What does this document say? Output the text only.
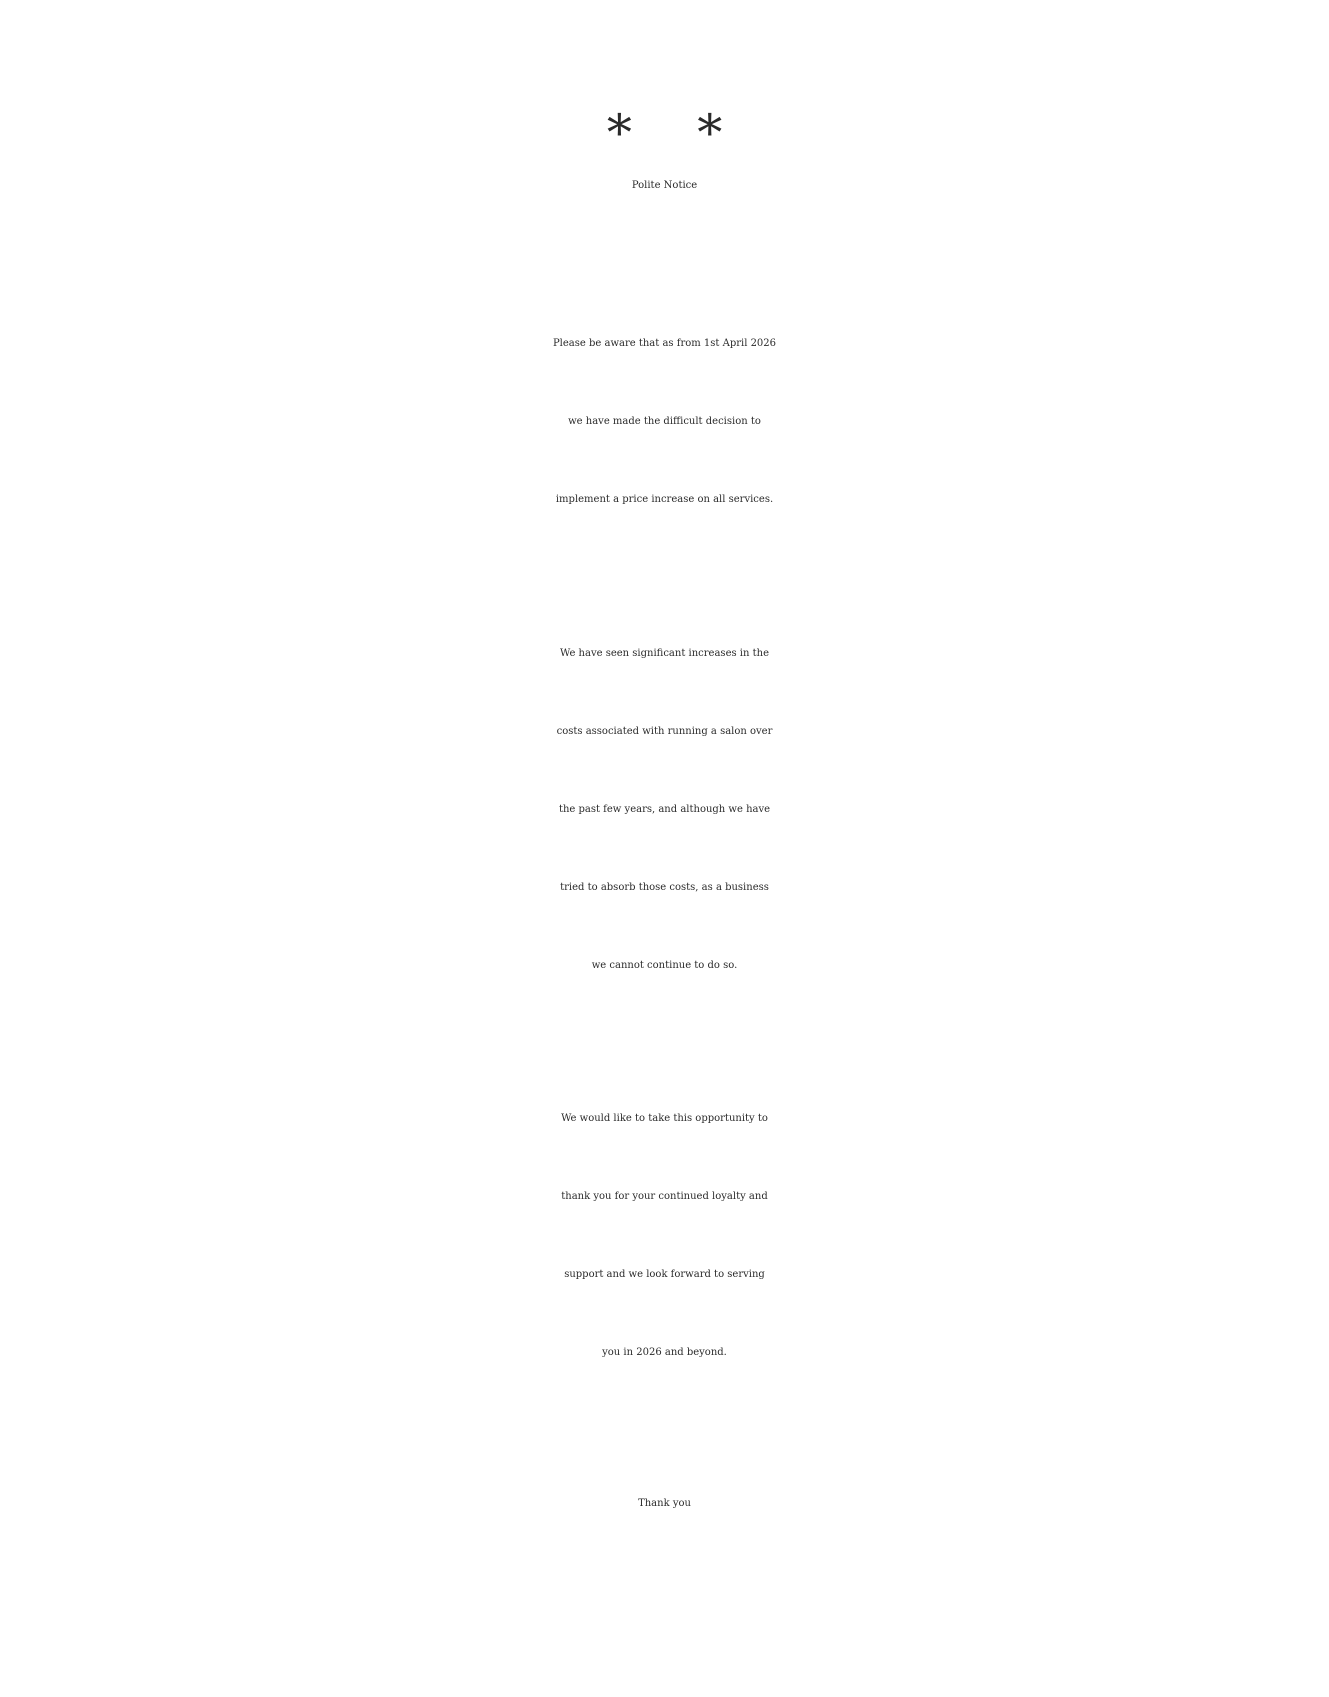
*Polite Notice*

Please be aware that as from 1st April 2026
we have made the difficult decision to
implement a price increase on all services.

We have seen significant increases in the
costs associated with running a salon over
the past few years, and although we have
tried to absorb those costs, as a business
we cannot continue to do so.

We would like to take this opportunity to
thank you for your continued loyalty and
support and we look forward to serving
you in 2026 and beyond.

Thank you
